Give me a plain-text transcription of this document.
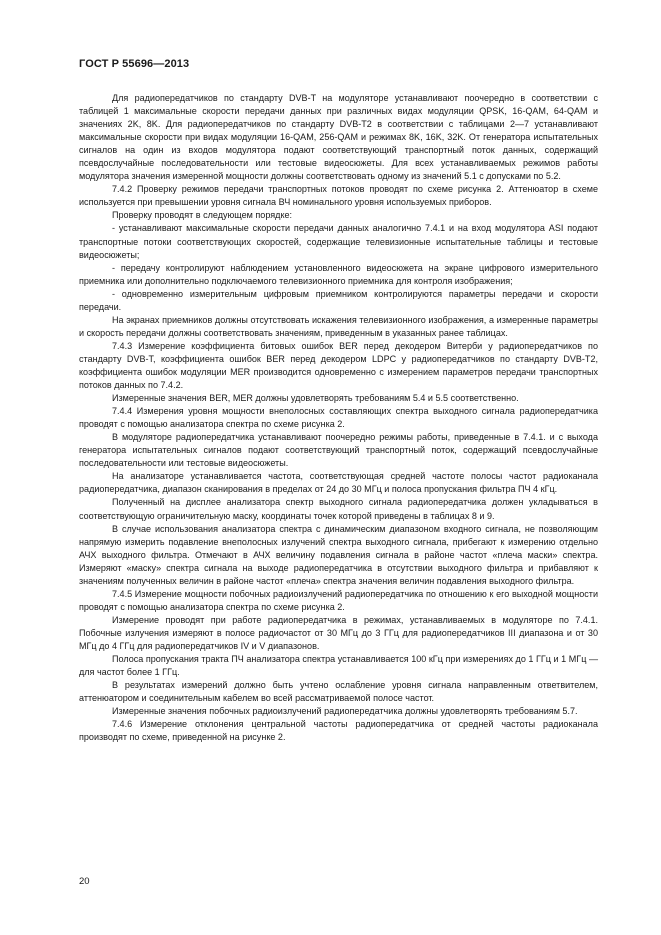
ГОСТ Р 55696—2013

Для радиопередатчиков по стандарту DVB-T на модуляторе устанавливают поочередно в соответствии с таблицей 1 максимальные скорости передачи данных при различных видах модуляции QPSK, 16-QAM, 64-QAM и значениях 2K, 8K. Для радиопередатчиков по стандарту DVB-T2 в соответствии с таблицами 2—7 устанавливают максимальные скорости при видах модуляции 16-QAM, 256-QAM и режимах 8K, 16K, 32K. От генератора испытательных сигналов на один из входов модулятора подают соответствующий транспортный поток данных, содержащий псевдослучайные последовательности или тестовые видеосюжеты. Для всех устанавливаемых режимов работы модулятора значения измеренной мощности должны соответствовать одному из значений 5.1 с допусками по 5.2.

7.4.2 Проверку режимов передачи транспортных потоков проводят по схеме рисунка 2. Аттенюатор в схеме используется при превышении уровня сигнала ВЧ номинального уровня используемых приборов.

Проверку проводят в следующем порядке:

- устанавливают максимальные скорости передачи данных аналогично 7.4.1 и на вход модулятора ASI подают транспортные потоки соответствующих скоростей, содержащие телевизионные испытательные таблицы и тестовые видеосюжеты;

- передачу контролируют наблюдением установленного видеосюжета на экране цифрового измерительного приемника или дополнительно подключаемого телевизионного приемника для контроля изображения;

- одновременно измерительным цифровым приемником контролируются параметры передачи и скорости передачи.

На экранах приемников должны отсутствовать искажения телевизионного изображения, а измеренные параметры и скорость передачи должны соответствовать значениям, приведенным в указанных ранее таблицах.

7.4.3 Измерение коэффициента битовых ошибок BER перед декодером Витерби у радиопередатчиков по стандарту DVB-T, коэффициента ошибок BER перед декодером LDPC у радиопередатчиков по стандарту DVB-T2, коэффициента ошибок модуляции MER производится одновременно с измерением параметров передачи транспортных потоков данных по 7.4.2.

Измеренные значения BER, MER должны удовлетворять требованиям 5.4 и 5.5 соответственно.

7.4.4 Измерения уровня мощности внеполосных составляющих спектра выходного сигнала радиопередатчика проводят с помощью анализатора спектра по схеме рисунка 2.

В модуляторе радиопередатчика устанавливают поочередно режимы работы, приведенные в 7.4.1. и с выхода генератора испытательных сигналов подают соответствующий транспортный поток, содержащий псевдослучайные последовательности или тестовые видеосюжеты.

На анализаторе устанавливается частота, соответствующая средней частоте полосы частот радиоканала радиопередатчика, диапазон сканирования в пределах от 24 до 30 МГц и полоса пропускания фильтра ПЧ 4 кГц.

Полученный на дисплее анализатора спектр выходного сигнала радиопередатчика должен укладываться в соответствующую ограничительную маску, координаты точек которой приведены в таблицах 8 и 9.

В случае использования анализатора спектра с динамическим диапазоном входного сигнала, не позволяющим напрямую измерить подавление внеполосных излучений спектра выходного сигнала, прибегают к измерению отдельно АЧХ выходного фильтра. Отмечают в АЧХ величину подавления сигнала в районе частот «плеча маски» спектра. Измеряют «маску» спектра сигнала на выходе радиопередатчика в отсутствии выходного фильтра и прибавляют к значениям полученных величин в районе частот «плеча» спектра значения величин подавления выходного фильтра.

7.4.5 Измерение мощности побочных радиоизлучений радиопередатчика по отношению к его выходной мощности проводят с помощью анализатора спектра по схеме рисунка 2.

Измерение проводят при работе радиопередатчика в режимах, устанавливаемых в модуляторе по 7.4.1. Побочные излучения измеряют в полосе радиочастот от 30 МГц до 3 ГГц для радиопередатчиков III диапазона и от 30 МГц до 4 ГГц для радиопередатчиков IV и V диапазонов.

Полоса пропускания тракта ПЧ анализатора спектра устанавливается 100 кГц при измерениях до 1 ГГц и 1 МГц — для частот более 1 ГГц.

В результатах измерений должно быть учтено ослабление уровня сигнала направленным ответвителем, аттенюатором и соединительным кабелем во всей рассматриваемой полосе частот.

Измеренные значения побочных радиоизлучений радиопередатчика должны удовлетворять требованиям 5.7.

7.4.6 Измерение отклонения центральной частоты радиопередатчика от средней частоты радиоканала производят по схеме, приведенной на рисунке 2.

20
